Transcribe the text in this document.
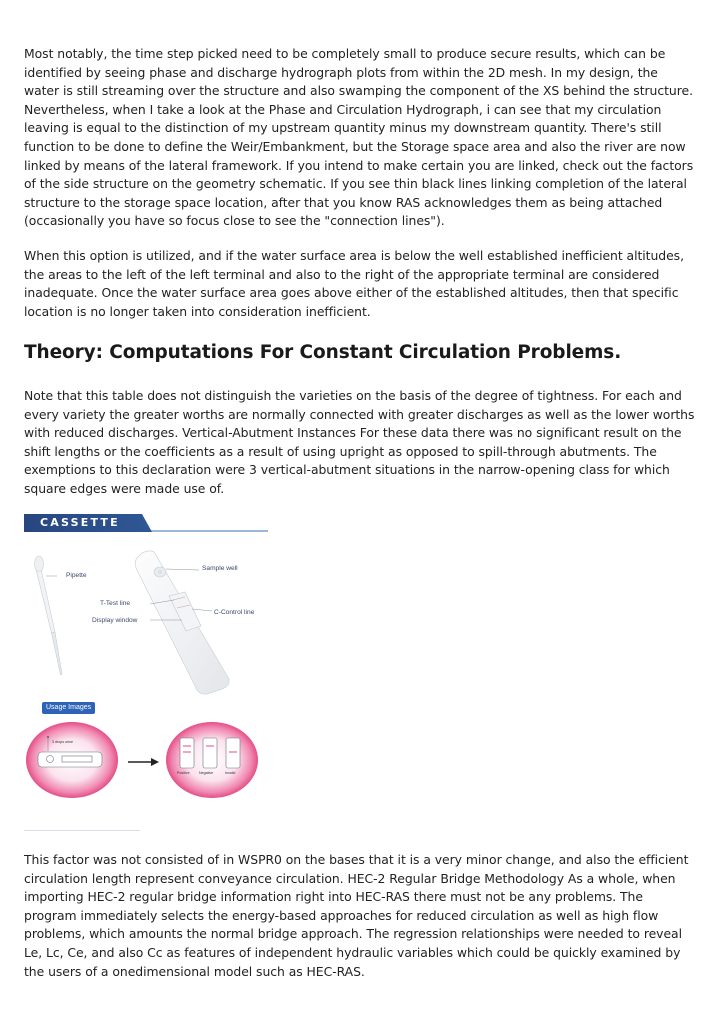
Most notably, the time step picked need to be completely small to produce secure results, which can be identified by seeing phase and discharge hydrograph plots from within the 2D mesh. In my design, the water is still streaming over the structure and also swamping the component of the XS behind the structure. Nevertheless, when I take a look at the Phase and Circulation Hydrograph, i can see that my circulation leaving is equal to the distinction of my upstream quantity minus my downstream quantity. There's still function to be done to define the Weir/Embankment, but the Storage space area and also the river are now linked by means of the lateral framework. If you intend to make certain you are linked, check out the factors of the side structure on the geometry schematic. If you see thin black lines linking completion of the lateral structure to the storage space location, after that you know RAS acknowledges them as being attached (occasionally you have so focus close to see the "connection lines").

When this option is utilized, and if the water surface area is below the well established inefficient altitudes, the areas to the left of the left terminal and also to the right of the appropriate terminal are considered inadequate. Once the water surface area goes above either of the established altitudes, then that specific location is no longer taken into consideration inefficient.

Theory: Computations For Constant Circulation Problems.

Note that this table does not distinguish the varieties on the basis of the degree of tightness. For each and every variety the greater worths are normally connected with greater discharges as well as the lower worths with reduced discharges. Vertical-Abutment Instances For these data there was no significant result on the shift lengths or the coefficients as a result of using upright as opposed to spill-through abutments. The exemptions to this declaration were 3 vertical-abutment situations in the narrow-opening class for which square edges were made use of.

CASSETTE
Sample well
Pipette
T-Test line
C-Control line
Display window
Usage Images
3 drops urine
Positive	Negative	Invalid

This factor was not consisted of in WSPR0 on the bases that it is a very minor change, and also the efficient circulation length represent conveyance circulation. HEC-2 Regular Bridge Methodology As a whole, when importing HEC-2 regular bridge information right into HEC-RAS there must not be any problems. The program immediately selects the energy-based approaches for reduced circulation as well as high flow problems, which amounts the normal bridge approach. The regression relationships were needed to reveal Le, Lc, Ce, and also Cc as features of independent hydraulic variables which could be quickly examined by the users of a onedimensional model such as HEC-RAS.
